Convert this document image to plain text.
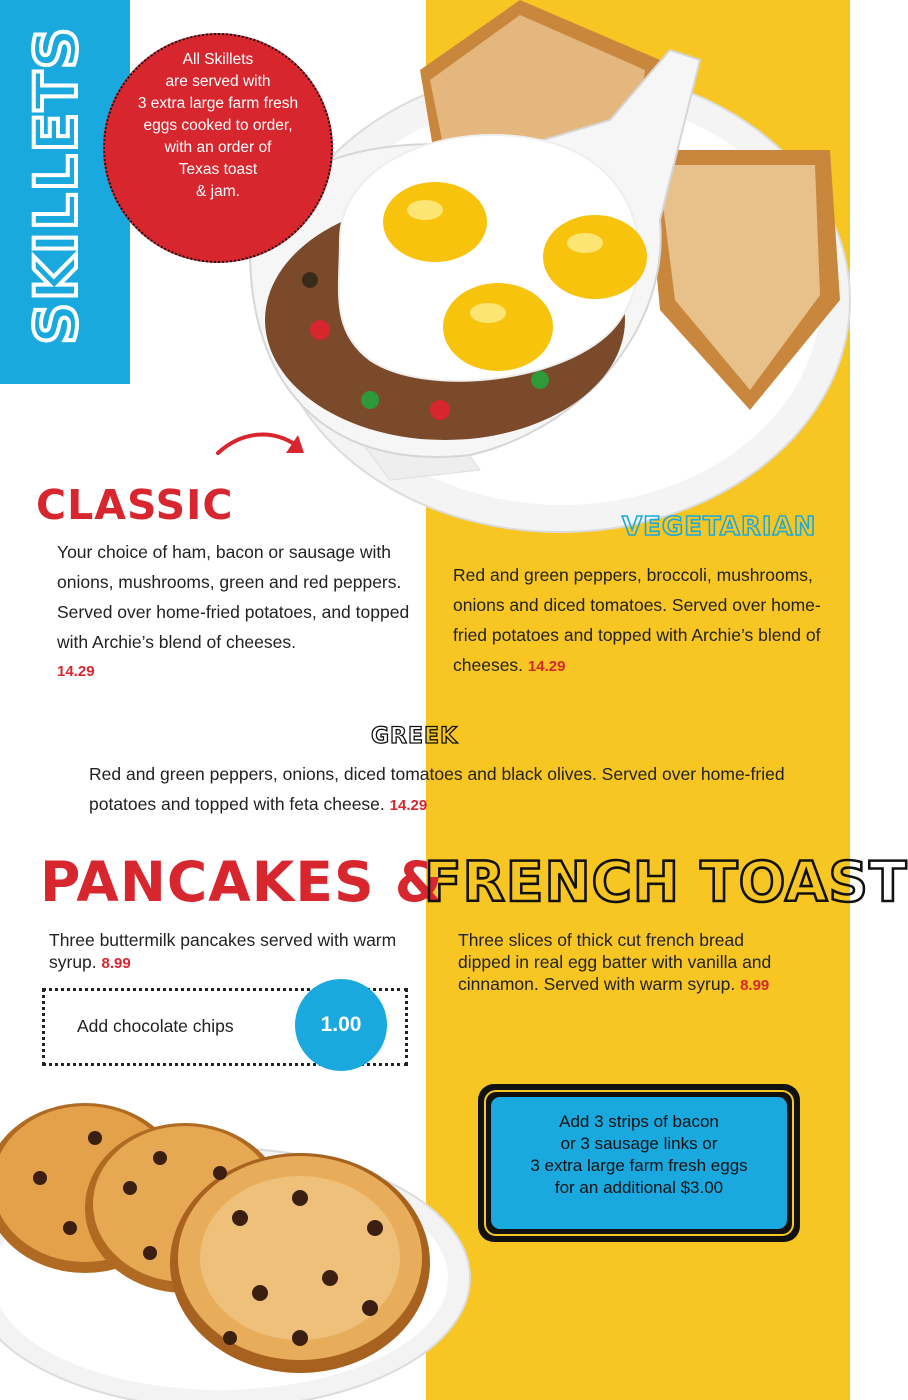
SKILLETS	All Skillets
are served with
3 extra large farm fresh
eggs cooked to order,
with an order of
Texas toast
& jam.
CLASSIC
Your choice of ham, bacon or sausage with onions, mushrooms, green and red peppers. Served over home-fried potatoes, and topped with Archie’s blend of cheeses.
14.29
VEGETARIAN
Red and green peppers, broccoli, mushrooms, onions and diced tomatoes. Served over home-fried potatoes and topped with Archie’s blend of cheeses. 14.29
GREEK
Red and green peppers, onions, diced tomatoes and black olives. Served over home-fried potatoes and topped with feta cheese. 14.29
PANCAKES &
FRENCH TOAST
Three buttermilk pancakes served with warm syrup. 8.99
Three slices of thick cut french bread dipped in real egg batter with vanilla and cinnamon. Served with warm syrup. 8.99
Add chocolate chips	1.00
Add 3 strips of bacon
or 3 sausage links or
3 extra large farm fresh eggs
for an additional $3.00
